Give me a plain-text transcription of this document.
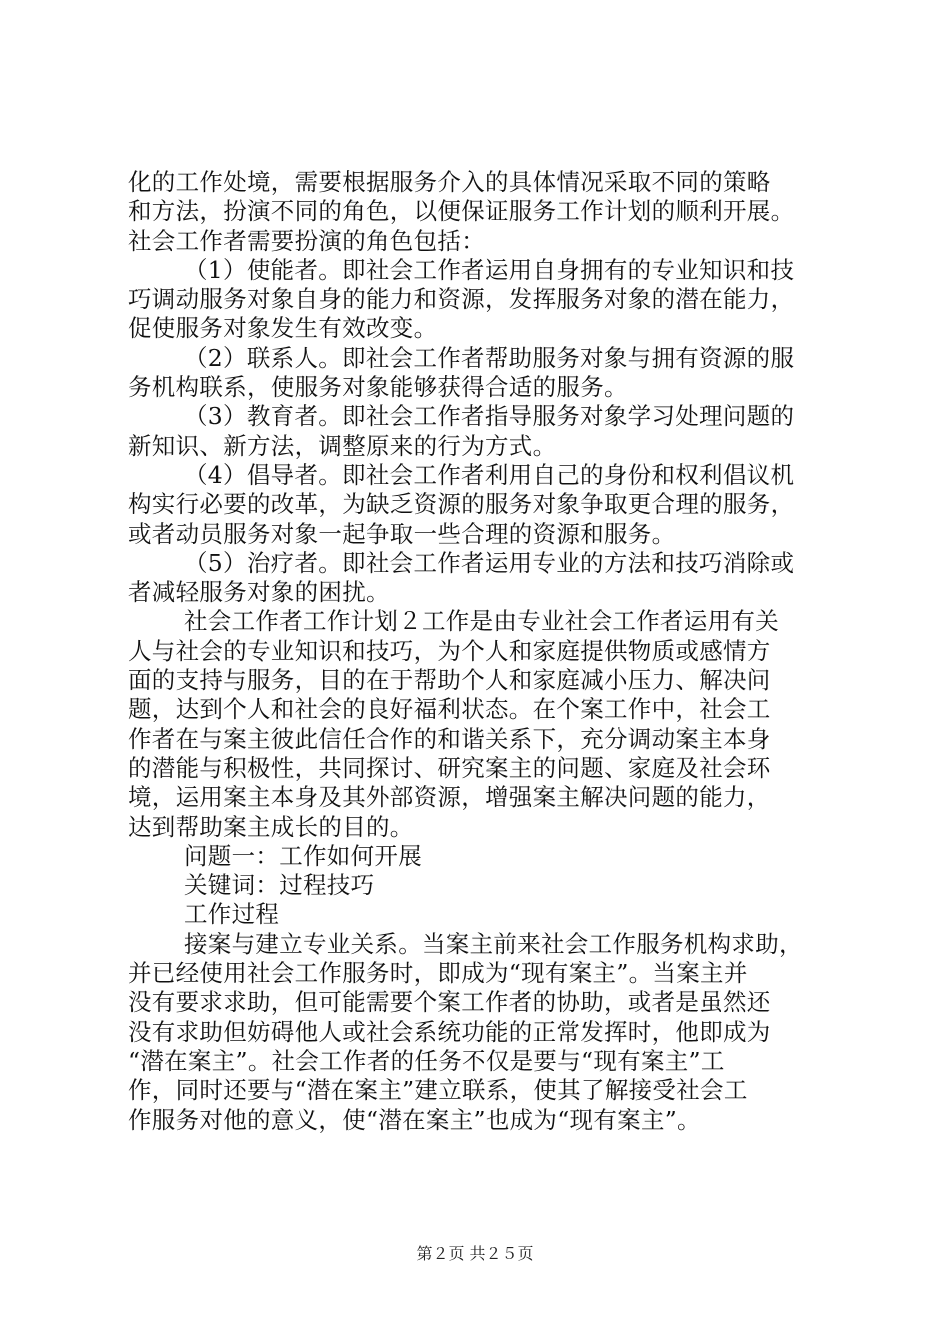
化的工作处境，需要根据服务介入的具体情况采取不同的策略
和方法，扮演不同的角色，以便保证服务工作计划的顺利开展。
社会工作者需要扮演的角色包括：
（1）使能者。即社会工作者运用自身拥有的专业知识和技
巧调动服务对象自身的能力和资源，发挥服务对象的潜在能力，
促使服务对象发生有效改变。
（2）联系人。即社会工作者帮助服务对象与拥有资源的服
务机构联系，使服务对象能够获得合适的服务。
（3）教育者。即社会工作者指导服务对象学习处理问题的
新知识、新方法，调整原来的行为方式。
（4）倡导者。即社会工作者利用自己的身份和权利倡议机
构实行必要的改革，为缺乏资源的服务对象争取更合理的服务，
或者动员服务对象一起争取一些合理的资源和服务。
（5）治疗者。即社会工作者运用专业的方法和技巧消除或
者减轻服务对象的困扰。
社会工作者工作计划２工作是由专业社会工作者运用有关
人与社会的专业知识和技巧，为个人和家庭提供物质或感情方
面的支持与服务，目的在于帮助个人和家庭减小压力、解决问
题，达到个人和社会的良好福利状态。在个案工作中，社会工
作者在与案主彼此信任合作的和谐关系下，充分调动案主本身
的潜能与积极性，共同探讨、研究案主的问题、家庭及社会环
境，运用案主本身及其外部资源，增强案主解决问题的能力，
达到帮助案主成长的目的。
问题一：工作如何开展
关键词：过程技巧
工作过程
接案与建立专业关系。当案主前来社会工作服务机构求助，
并已经使用社会工作服务时，即成为“现有案主”。当案主并
没有要求求助，但可能需要个案工作者的协助，或者是虽然还
没有求助但妨碍他人或社会系统功能的正常发挥时，他即成为
“潜在案主”。社会工作者的任务不仅是要与“现有案主”工
作，同时还要与“潜在案主”建立联系，使其了解接受社会工
作服务对他的意义，使“潜在案主”也成为“现有案主”。
第２页 共２５页
